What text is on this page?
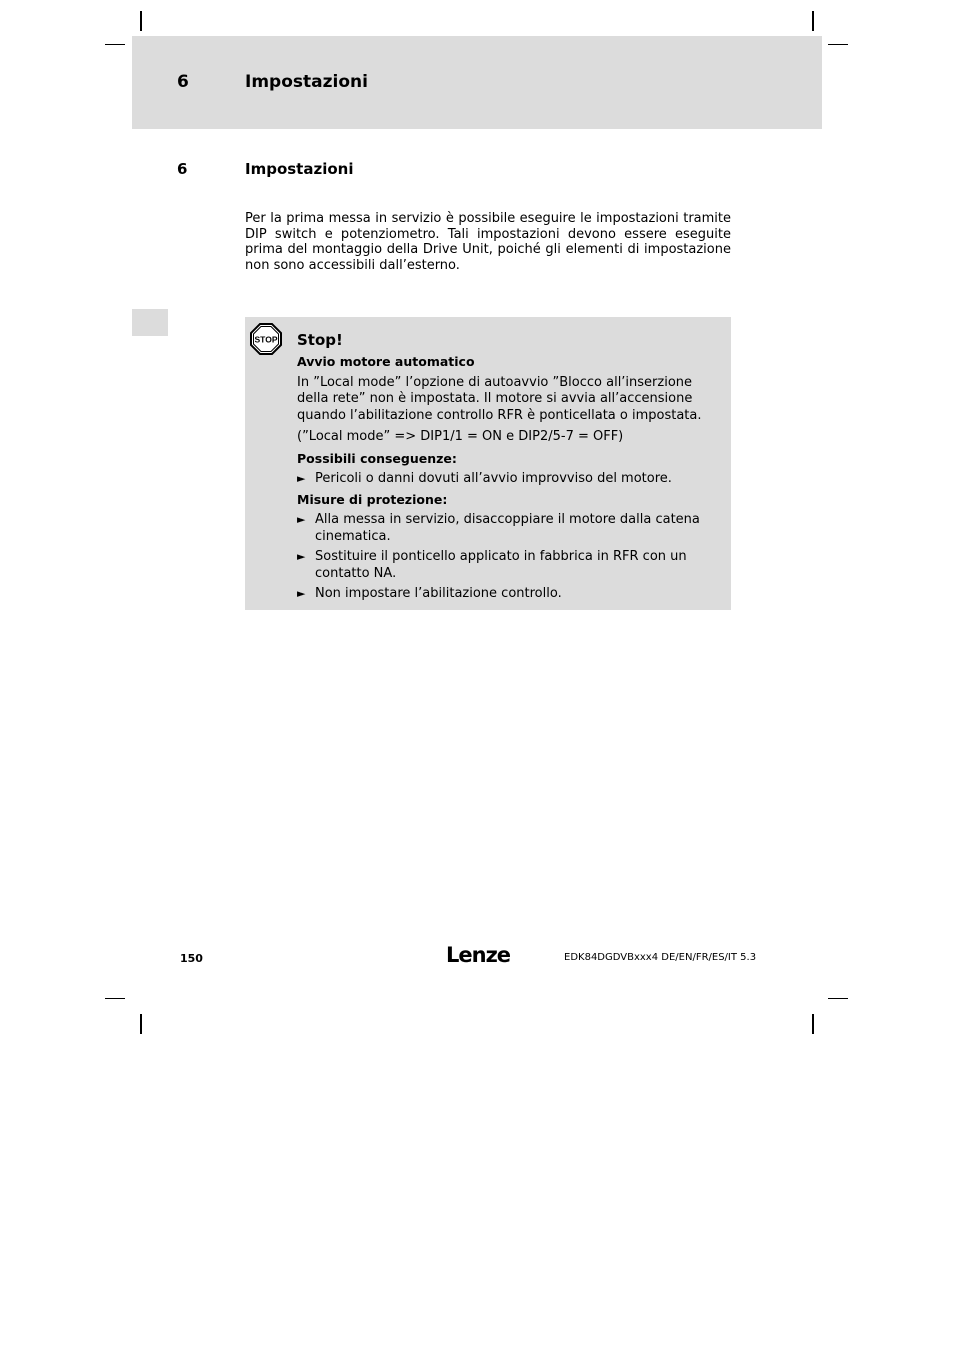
6	Impostazioni
6	Impostazioni
Per la prima messa in servizio è possibile eseguire le impostazioni tramite DIP switch e potenziometro. Tali impostazioni devono essere eseguite prima del montaggio della Drive Unit, poiché gli elementi di impostazione non sono accessibili dall’esterno.
STOP Stop!
Avvio motore automatico
In ”Local mode” l’opzione di autoavvio ”Blocco all’inserzione della rete” non è impostata. Il motore si avvia all’accensione quando l’abilitazione controllo RFR è ponticellata o impostata.
(”Local mode” => DIP1/1 = ON e DIP2/5-7 = OFF)
Possibili conseguenze:
► Pericoli o danni dovuti all’avvio improvviso del motore.
Misure di protezione:
► Alla messa in servizio, disaccoppiare il motore dalla catena cinematica.
► Sostituire il ponticello applicato in fabbrica in RFR con un contatto NA.
► Non impostare l’abilitazione controllo.
150	Lenze	EDK84DGDVBxxx4 DE/EN/FR/ES/IT 5.3
